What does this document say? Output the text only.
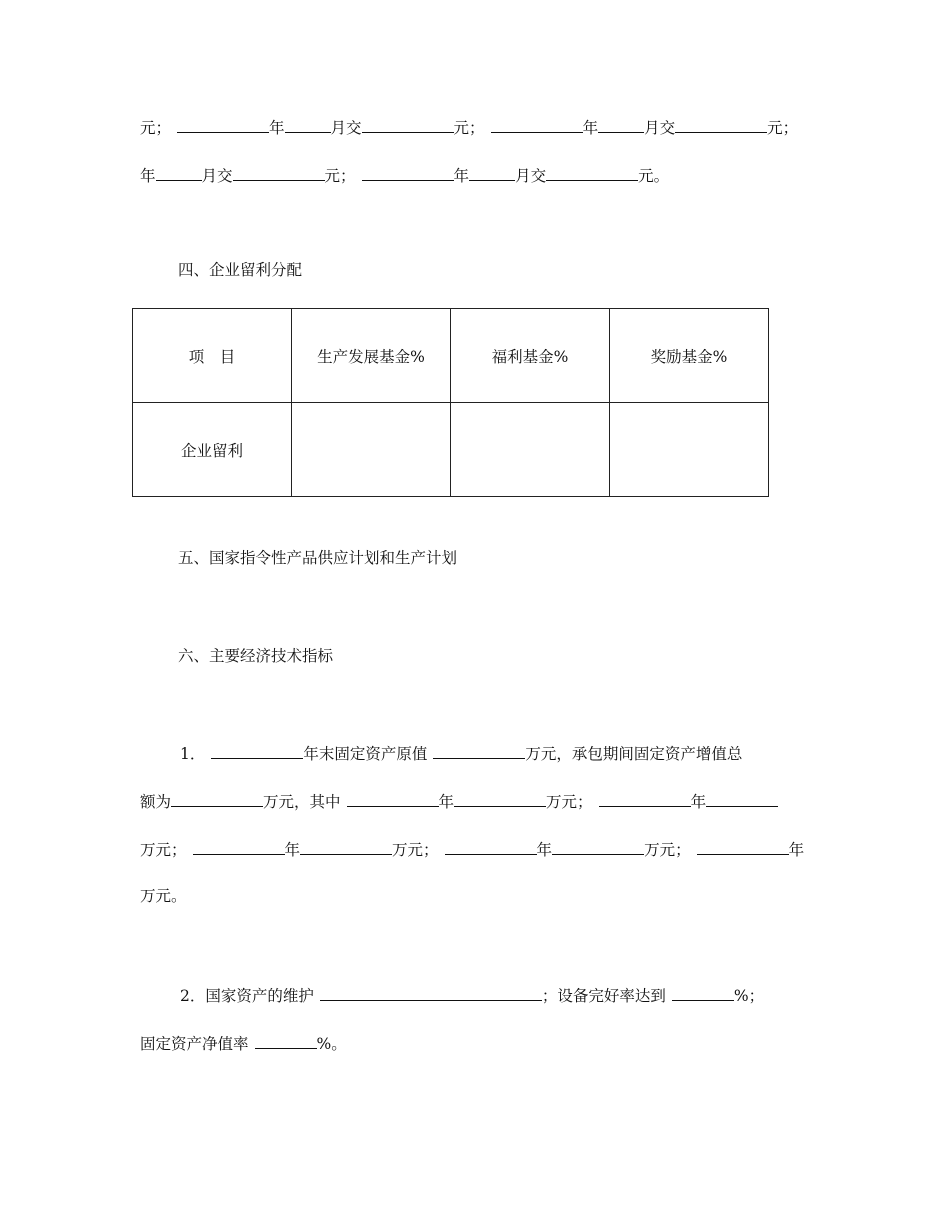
元；	年	月交	元；	年	月交	元；
年	月交	元；	年	月交	元。
四、企业留利分配
项　目	生产发展基金%	福利基金%	奖励基金%
企业留利			
五、国家指令性产品供应计划和生产计划
六、主要经济技术指标
1．	年末固定资产原值	万元，承包期间固定资产增值总
额为	万元，其中	年	万元；	年
万元；	年	万元；	年	万元；	年
万元。
2．国家资产的维护	；设备完好率达到	%；
固定资产净值率	%。
